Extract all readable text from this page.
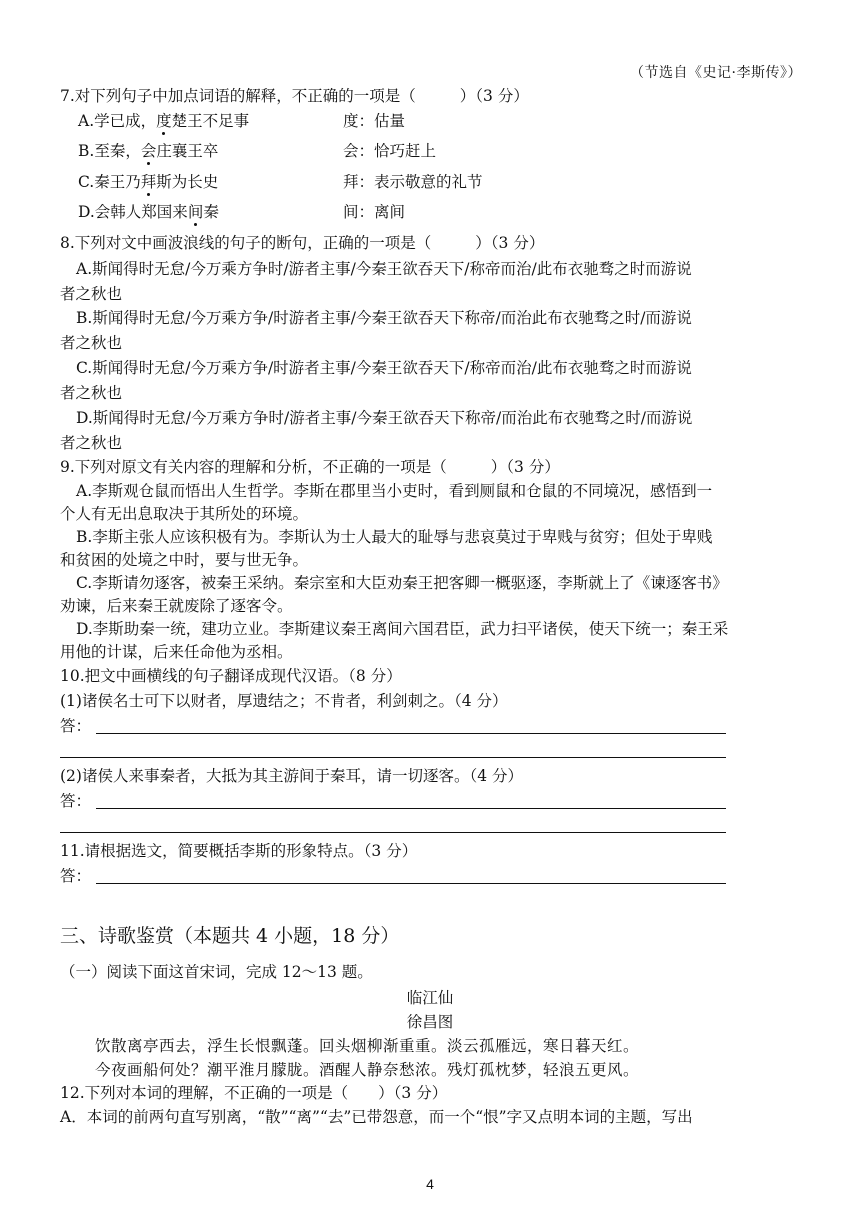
（节选自《史记·李斯传》）
7.对下列句子中加点词语的解释，不正确的一项是（	）（3 分）
A.学已成，度楚王不足事	度：估量
B.至秦，会庄襄王卒	会：恰巧赶上
C.秦王乃拜斯为长史	拜：表示敬意的礼节
D.会韩人郑国来间秦	间：离间
8.下列对文中画波浪线的句子的断句，正确的一项是（	）（3 分）
A.斯闻得时无怠/今万乘方争时/游者主事/今秦王欲吞天下/称帝而治/此布衣驰骛之时而游说
者之秋也
B.斯闻得时无怠/今万乘方争/时游者主事/今秦王欲吞天下称帝/而治此布衣驰骛之时/而游说
者之秋也
C.斯闻得时无怠/今万乘方争/时游者主事/今秦王欲吞天下/称帝而治/此布衣驰骛之时而游说
者之秋也
D.斯闻得时无怠/今万乘方争时/游者主事/今秦王欲吞天下称帝/而治此布衣驰骛之时/而游说
者之秋也
9.下列对原文有关内容的理解和分析，不正确的一项是（	）（3 分）
A.李斯观仓鼠而悟出人生哲学。李斯在郡里当小吏时，看到厕鼠和仓鼠的不同境况，感悟到一
个人有无出息取决于其所处的环境。
B.李斯主张人应该积极有为。李斯认为士人最大的耻辱与悲哀莫过于卑贱与贫穷；但处于卑贱
和贫困的处境之中时，要与世无争。
C.李斯请勿逐客，被秦王采纳。秦宗室和大臣劝秦王把客卿一概驱逐，李斯就上了《谏逐客书》
劝谏，后来秦王就废除了逐客令。
D.李斯助秦一统，建功立业。李斯建议秦王离间六国君臣，武力扫平诸侯，使天下统一；秦王采
用他的计谋，后来任命他为丞相。
10.把文中画横线的句子翻译成现代汉语。（8 分）
(1)诸侯名士可下以财者，厚遗结之；不肯者，利剑刺之。（4 分）
答：
(2)诸侯人来事秦者，大抵为其主游间于秦耳，请一切逐客。（4 分）
答：
11.请根据选文，简要概括李斯的形象特点。（3 分）
答：
三、诗歌鉴赏（本题共 4 小题，18 分）
（一）阅读下面这首宋词，完成 12～13 题。
临江仙
徐昌图
饮散离亭西去，浮生长恨飘蓬。回头烟柳渐重重。淡云孤雁远，寒日暮天红。
今夜画船何处？潮平淮月朦胧。酒醒人静奈愁浓。残灯孤枕梦，轻浪五更风。
12.下列对本词的理解，不正确的一项是（ ）（3 分）
A．本词的前两句直写别离，“散”“离”“去”已带怨意，而一个“恨”字又点明本词的主题，写出
4
